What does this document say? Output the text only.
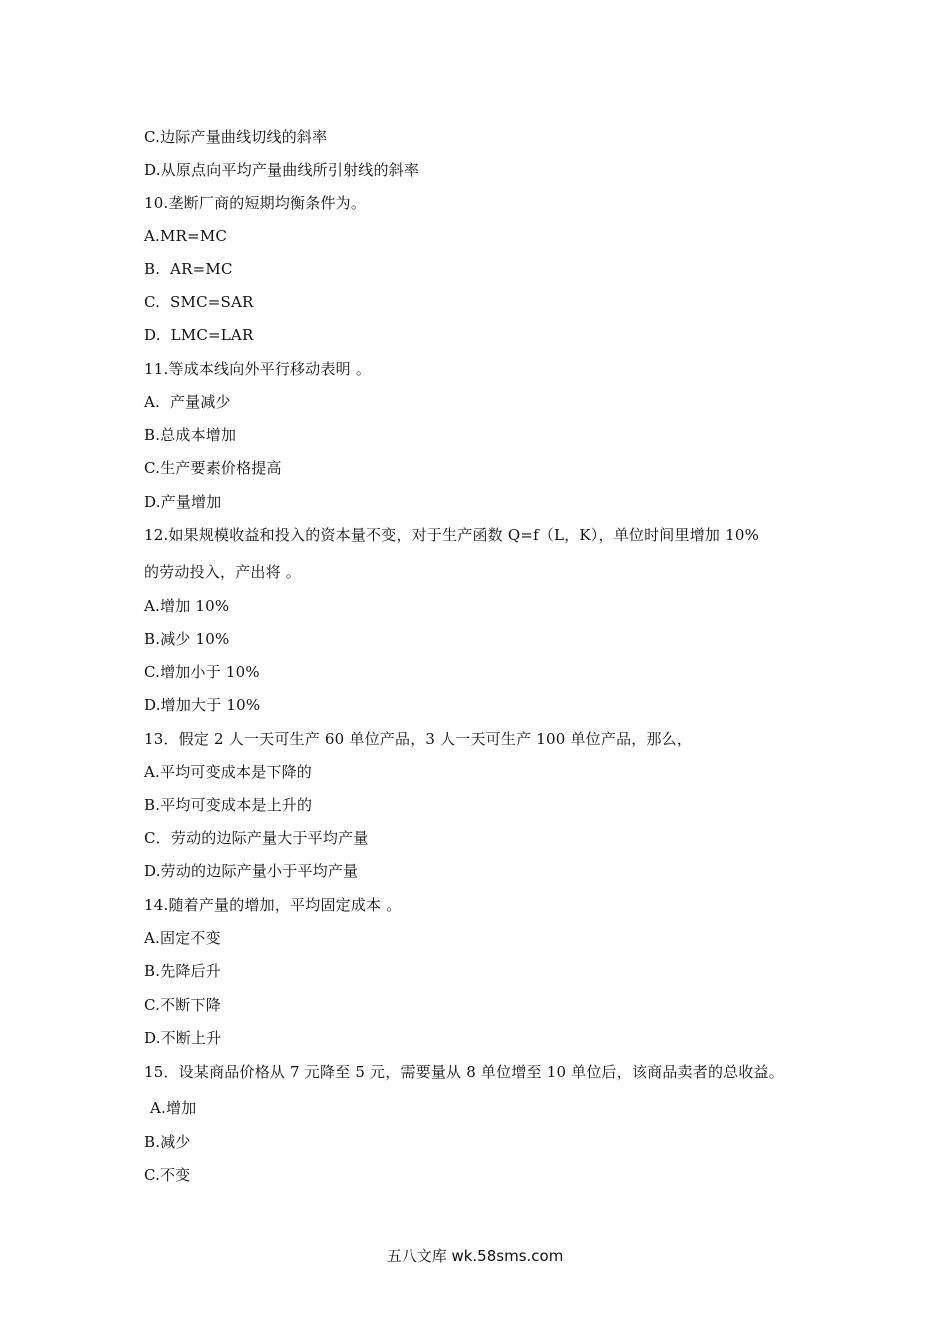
C.边际产量曲线切线的斜率
D.从原点向平均产量曲线所引射线的斜率
10.垄断厂商的短期均衡条件为。
A.MR=MC
B.  AR=MC
C.  SMC=SAR
D.  LMC=LAR
11.等成本线向外平行移动表明 。
A.  产量减少
B.总成本增加
C.生产要素价格提高
D.产量增加
12.如果规模收益和投入的资本量不变，对于生产函数 Q=f（L，K），单位时间里增加 10%
的劳动投入，产出将 。
A.增加 10%
B.减少 10%
C.增加小于 10%
D.增加大于 10%
13．假定 2 人一天可生产 60 单位产品，3 人一天可生产 100 单位产品，那么，
A.平均可变成本是下降的
B.平均可变成本是上升的
C．劳动的边际产量大于平均产量
D.劳动的边际产量小于平均产量
14.随着产量的增加，平均固定成本 。
A.固定不变
B.先降后升
C.不断下降
D.不断上升
15．设某商品价格从 7 元降至 5 元，需要量从 8 单位增至 10 单位后，该商品卖者的总收益。
A.增加
B.减少
C.不变
五八文库 wk.58sms.com
